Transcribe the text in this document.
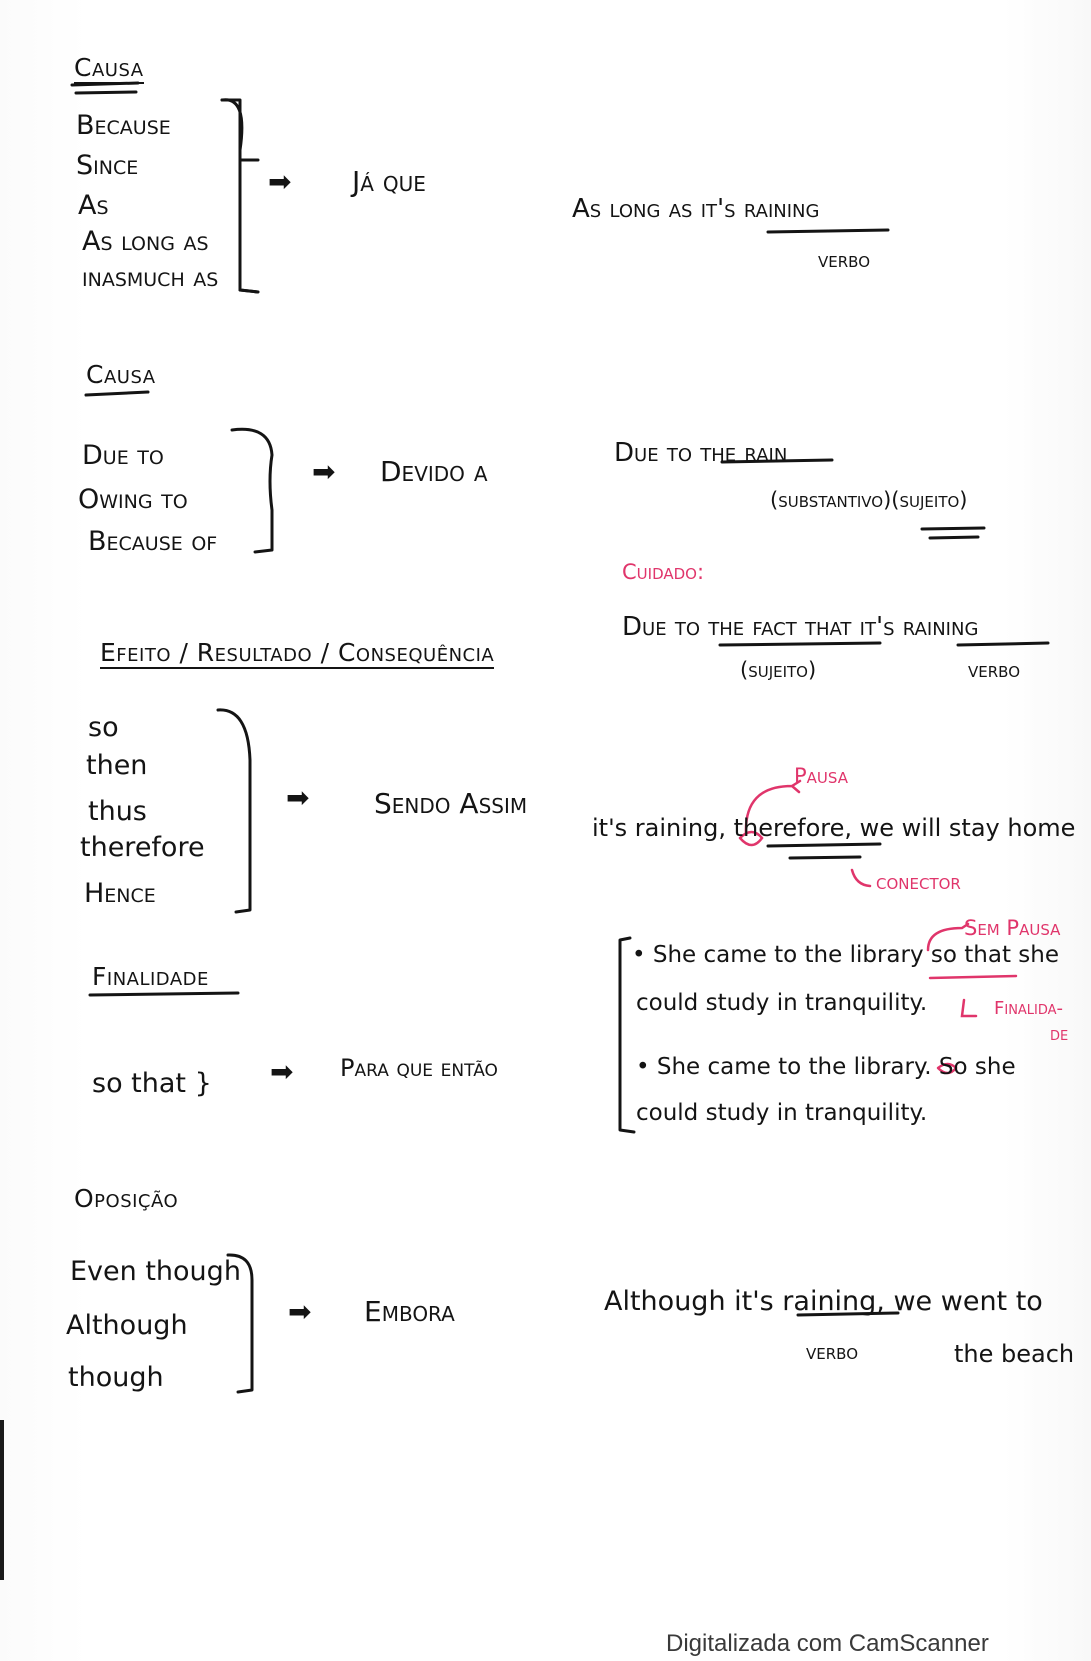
Causa
Because
Since
As
As long as
inasmuch as
➡ Já que
As long as it's raining
verbo
Causa
Due to
Owing to
Because of
➡ Devido a
Due to the rain
(substantivo)(sujeito)
Cuidado:
Due to the fact that it's raining
(sujeito)	verbo
Efeito / Resultado / Consequência
so
then
thus
therefore
Hence
➡ Sendo Assim
Pausa
it's raining, therefore, we will stay home
conector
Finalidade
so that } ➡ Para que então
Sem Pausa
• She came to the library so that she
could study in tranquility.	Finalida-
de
• She came to the library. So she
could study in tranquility.
Oposição
Even though
Although
though
➡ Embora	Although it's raining, we went to
verbo	the beach
Digitalizada com CamScanner
